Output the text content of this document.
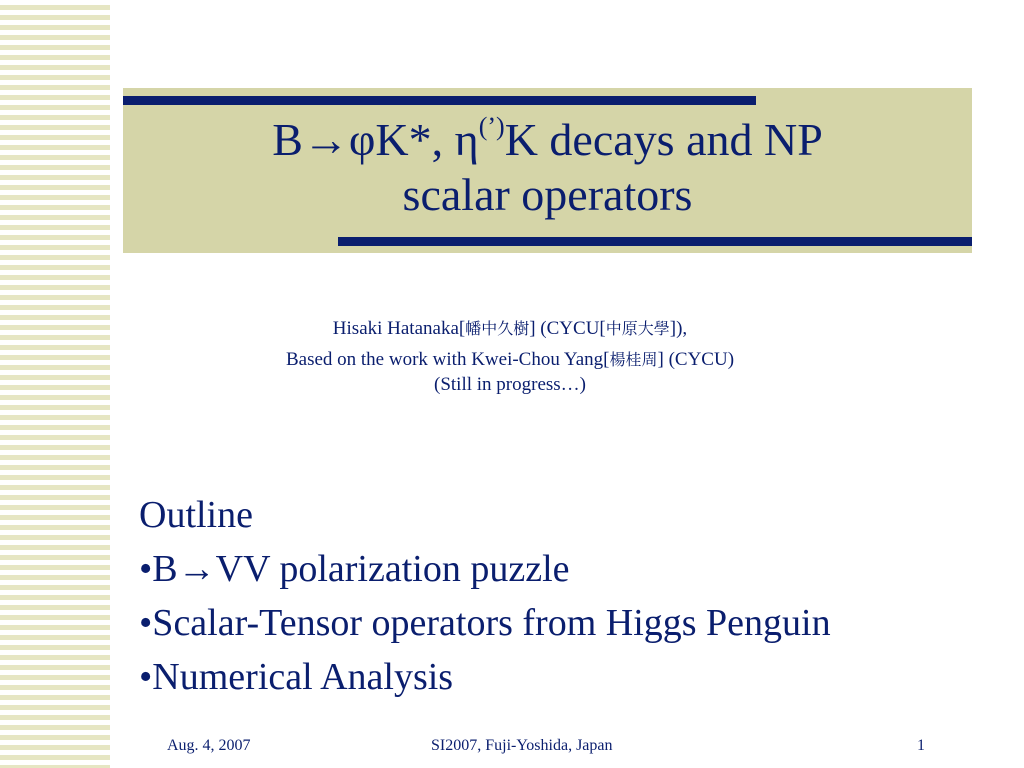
B→φK*, η(’)K decays and NP
scalar operators
Hisaki Hatanaka[幡中久樹] (CYCU[中原大學]),
Based on the work with Kwei-Chou Yang[楊桂周] (CYCU)
(Still in progress…)
Outline
•B→VV polarization puzzle
•Scalar-Tensor operators from Higgs Penguin
•Numerical Analysis
Aug. 4, 2007	SI2007, Fuji-Yoshida, Japan	1
